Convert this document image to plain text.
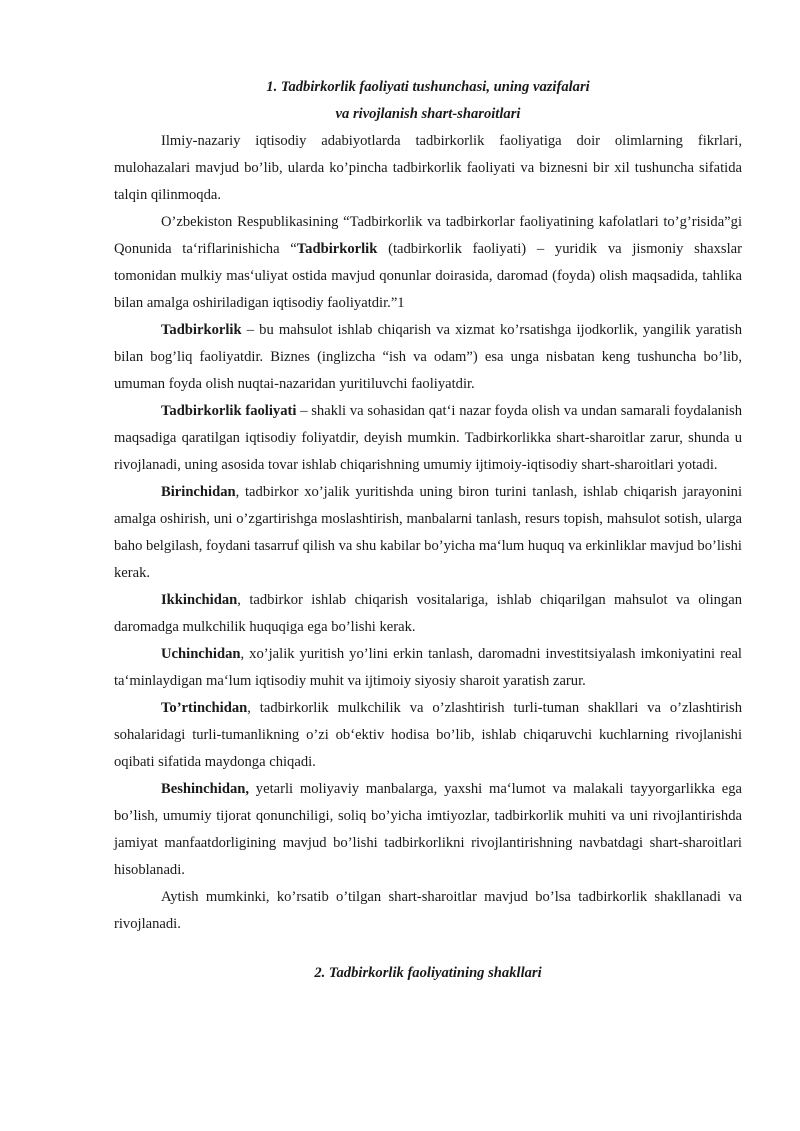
1. Tadbirkorlik faoliyati tushunchasi, uning vazifalari

va rivojlanish shart-sharoitlari

Ilmiy-nazariy iqtisodiy adabiyotlarda tadbirkorlik faoliyatiga doir olimlarning fikrlari, mulohazalari mavjud bo’lib, ularda ko’pincha tadbirkorlik faoliyati va biznesni bir xil tushuncha sifatida talqin qilinmoqda.

O’zbekiston Respublikasining “Tadbirkorlik va tadbirkorlar faoliyatining kafolatlari to’g’risida”gi Qonunida ta‘riflarinishicha “Tadbirkorlik (tadbirkorlik faoliyati) – yuridik va jismoniy shaxslar tomonidan mulkiy mas‘uliyat ostida mavjud qonunlar doirasida, daromad (foyda) olish maqsadida, tahlika bilan amalga oshiriladigan iqtisodiy faoliyatdir.”1

Tadbirkorlik – bu mahsulot ishlab chiqarish va xizmat ko’rsatishga ijodkorlik, yangilik yaratish bilan bog’liq faoliyatdir. Biznes (inglizcha “ish va odam”) esa unga nisbatan keng tushuncha bo’lib, umuman foyda olish nuqtai-nazaridan yuritiluvchi faoliyatdir.

Tadbirkorlik faoliyati – shakli va sohasidan qat‘i nazar foyda olish va undan samarali foydalanish maqsadiga qaratilgan iqtisodiy foliyatdir, deyish mumkin. Tadbirkorlikka shart-sharoitlar zarur, shunda u rivojlanadi, uning asosida tovar ishlab chiqarishning umumiy ijtimoiy-iqtisodiy shart-sharoitlari yotadi.

Birinchidan, tadbirkor xo’jalik yuritishda uning biron turini tanlash, ishlab chiqarish jarayonini amalga oshirish, uni o’zgartirishga moslashtirish, manbalarni tanlash, resurs topish, mahsulot sotish, ularga baho belgilash, foydani tasarruf qilish va shu kabilar bo’yicha ma‘lum huquq va erkinliklar mavjud bo’lishi kerak.

Ikkinchidan, tadbirkor ishlab chiqarish vositalariga, ishlab chiqarilgan mahsulot va olingan daromadga mulkchilik huquqiga ega bo’lishi kerak.

Uchinchidan, xo’jalik yuritish yo’lini erkin tanlash, daromadni investitsiyalash imkoniyatini real ta‘minlaydigan ma‘lum iqtisodiy muhit va ijtimoiy siyosiy sharoit yaratish zarur.

To’rtinchidan, tadbirkorlik mulkchilik va o’zlashtirish turli-tuman shakllari va o’zlashtirish sohalaridagi turli-tumanlikning o’zi ob‘ektiv hodisa bo’lib, ishlab chiqaruvchi kuchlarning rivojlanishi oqibati sifatida maydonga chiqadi.

Beshinchidan, yetarli moliyaviy manbalarga, yaxshi ma‘lumot va malakali tayyorgarlikka ega bo’lish, umumiy tijorat qonunchiligi, soliq bo’yicha imtiyozlar, tadbirkorlik muhiti va uni rivojlantirishda jamiyat manfaatdorligining mavjud bo’lishi tadbirkorlikni rivojlantirishning navbatdagi shart-sharoitlari hisoblanadi.

Aytish mumkinki, ko’rsatib o’tilgan shart-sharoitlar mavjud bo’lsa tadbirkorlik shakllanadi va rivojlanadi.

2. Tadbirkorlik faoliyatining shakllari
